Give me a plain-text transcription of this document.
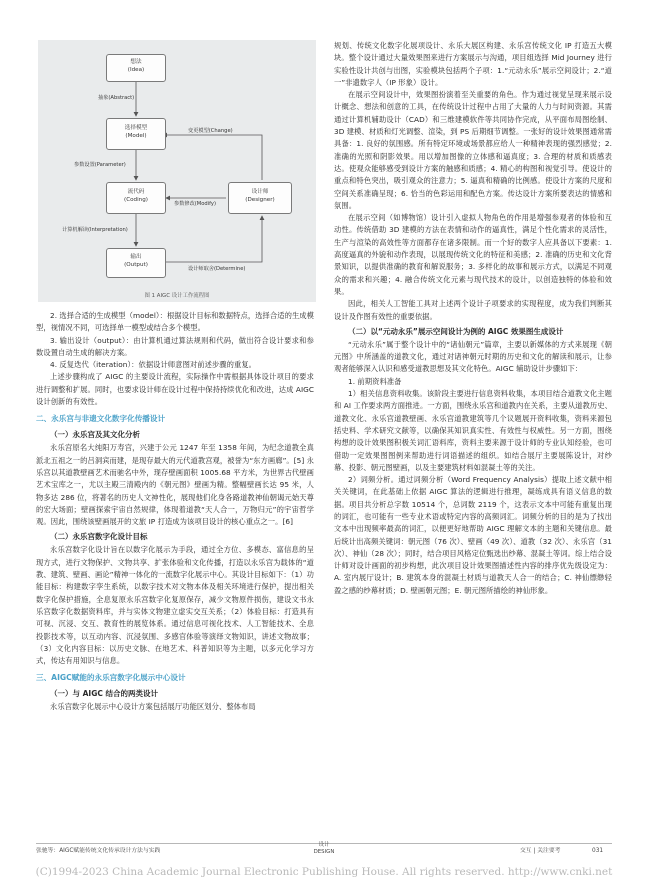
想法
(Idea)
选择模型
(Model)
流代码
(Coding)
设计师
(Designer)
输出
(Output)
抽象(Abstract)
变更模型(Change)
参数设置(Parameter)
参数修改(Modify)
计算机解读(Interpretation)
设计师取舍(Determine)
图 1 AIGC 设计工作流程图

2. 选择合适的生成模型（model）：根据设计目标和数据特点，选择合适的生成模型，视情况不同，可选择单一模型或结合多个模型。

3. 输出设计（output）：由计算机通过算法规则和代码，做出符合设计要求和参数设置自动生成的解决方案。

4. 反复迭代（iteration）：依据设计师意图对前述步骤的重复。

上述步骤构成了 AIGC 的主要设计流程，实际操作中需根据具体设计项目的要求进行调整和扩展。同时，也要求设计师在设计过程中保持持续优化和改进，达成 AIGC 设计创新的有效性。

二、永乐宫与非遗文化数字化传播设计
（一）永乐宫及其文化分析

永乐宫原名大纯阳万寿宫，兴建于公元 1247 年至 1358 年间，为纪念道教全真派北五祖之一的吕洞宾而建，是现存最大的元代道教宫观，被誉为“东方画廊”。[5] 永乐宫以其道教壁画艺术而驰名中外，现存壁画面积 1005.68 平方米，为世界古代壁画艺术宝库之一，尤以主殿三清殿内的《朝元图》壁画为精。整幅壁画长达 95 米，人物多达 286 位，将著名的历史人文神性化，展现他们化身各路道教神仙朝谒元始天尊的宏大场面；壁画探索宇宙自然规律，体现着道教“天人合一，万物归元”的宇宙哲学观。因此，围绕该壁画展开的文旅 IP 打造成为该项目设计的核心重点之一。[6]

（二）永乐宫数字化设计目标

永乐宫数字化设计旨在以数字化展示为手段，通过全方位、多模态、富信息的呈现方式，进行文物保护、文物共享、扩张体验和文化传播，打造以永乐宫为载体的“道教、建筑、壁画、画论”精神一体化的一流数字化展示中心。其设计目标如下：（1）功能目标：构建数字孪生系统，以数字技术对文物本体及相关环境进行保护，提出相关数字化保护措施，全息复原永乐宫数字化复原保存，减少文物原件损伤，建设文书永乐宫数字化数据资料库，并与实体文物建立虚实交互关系；（2）体验目标：打造具有可视、沉浸、交互、教育性的展览体系。通过信息可视化技术、人工智能技术、全息投影技术等，以互动内容、沉浸氛围、多感官体验等演绎文物知识，讲述文物故事；（3）文化内容目标：以历史文脉、在地艺术、科普知识等为主题，以多元化学习方式，传达有用知识与信息。

三、AIGC赋能的永乐宫数字化展示中心设计
（一）与 AIGC 结合的两类设计

永乐宫数字化展示中心设计方案包括展厅功能区划分、整体布局

规划、传统文化数字化展项设计、永乐大展区构建、永乐宫传统文化 IP 打造五大模块。整个设计通过大量效果图来进行方案展示与沟通，项目组选择 Mid Journey 进行实验性设计共创与出图，实验模块包括两个子项：1.“元动永乐”展示空间设计；2.“道一”非遗数字人（IP 形象）设计。

在展示空间设计中，效果图扮演着至关重要的角色。作为通过视觉呈现来展示设计概念、想法和创意的工具，在传统设计过程中占用了大量的人力与时间资源。其需通过计算机辅助设计（CAD）和三维建模软件等共同协作完成，从平面布局图绘制、3D 建模、材质和灯光调整、渲染，到 PS 后期细节调整。一张好的设计效果图通常需具备：1. 良好的氛围感。所有特定环境或场景都应给人一种精神表现的强烈感觉；2. 准确的光照和阴影效果。用以增加图像的立体感和逼真度；3. 合理的材质和质感表达。使观众能够感受到设计方案的触感和质感；4. 精心的构图和视觉引导。使设计的重点和特色突出，吸引观众的注意力；5. 逼真和精确的比例感。使设计方案的尺度和空间关系准确呈现；6. 恰当的色彩运用和配色方案。传达设计方案所要表达的情感和氛围。

在展示空间（如博物馆）设计引入虚拟人物角色的作用是增强参观者的体验和互动性。传统借助 3D 建模的方法在表情和动作的逼真性，满足个性化需求的灵活性，生产与渲染的高效性等方面都存在诸多限制。而一个好的数字人应具备以下要素：1. 高度逼真的外貌和动作表现，以展现传统文化的特征和美感；2. 准确的历史和文化背景知识，以提供准确的教育和解说服务；3. 多样化的故事和展示方式，以满足不同观众的需求和兴趣；4. 融合传统文化元素与现代技术的设计，以创造独特的体验和效果。

因此，相关人工智能工具对上述两个设计子项要求的实现程度，成为我们判断其设计及作图有效性的重要依据。

（二）以“元动永乐”展示空间设计为例的 AIGC 效果图生成设计

“元动永乐”属于整个设计中的“诸仙朝元”篇章，主要以新媒体的方式来展现《朝元图》中所涵盖的道教文化，通过对诸神朝元时期的历史和文化的解读和展示，让参观者能够深入认识和感受道教思想及其文化特色。AIGC 辅助设计步骤如下：

1. 前期资料准备

1）相关信息资料收集。该阶段主要进行信息资料收集，本项目结合道教文化主题和 AI 工作要求两方面推进。一方面，围绕永乐宫和道教内在关系，主要从道教历史、道教文化、永乐宫道教壁画、永乐宫道教建筑等几个议题展开资料收集，资料来源包括史料、学术研究文献等，以确保其知识真实性、有效性与权威性。另一方面，围绕构想的设计效果图积极关词汇语料库，资料主要来源于设计师的专业认知经验，也可借助一定效果图图例来帮助进行词语描述的组织。如结合展厅主要展陈设计，对纱幕、投影、朝元图壁画，以及主要建筑材料如混凝土等的关注。

2）词频分析。通过词频分析（Word Frequency Analysis）提取上述文献中相关关键词，在此基础上依据 AIGC 算法的逻辑进行推理，凝练成具有语义信息的数据。项目共分析总字数 10514 个，总词数 2119 个，这表示文本中可能有重复出现的词汇，也可能有一些专业术语或特定内容的高频词汇。词频分析的目的是为了找出文本中出现频率最高的词汇，以便更好地帮助 AIGC 理解文本的主题和关键信息。最后统计出高频关键词：朝元图（76 次）、壁画（49 次）、道教（32 次）、永乐宫（31 次）、神仙（28 次）；同时，结合项目风格定位甄选出纱幕、混凝土等词。综上结合设计师对设计画面的初步构想，此次项目设计效果图描述性内容的排序优先级设定为：A. 室内展厅设计；B. 建筑本身的混凝土材质与道教天人合一的结合；C. 神仙缥缈轻盈之感的纱幕材质；D. 壁画朝元图；E. 朝元图所描绘的神仙形象。

张驰等：AIGC赋能传统文化传承设计方法与实践
设计
DESIGN	交互 | 关注要考	031
(C)1994-2023 China Academic Journal Electronic Publishing House. All rights reserved. http://www.cnki.net
